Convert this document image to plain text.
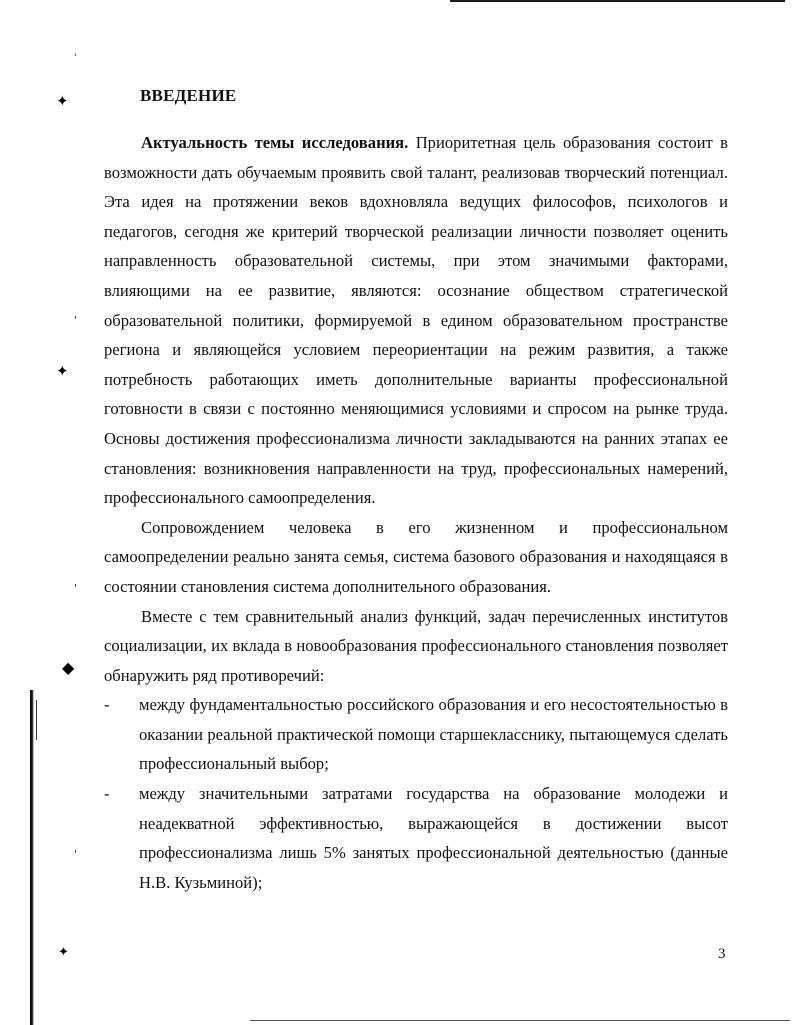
ꞌ
✦
ꞌ
✦
ꞌ
◆
ꞌ
✦
ВВЕДЕНИЕ

Актуальность темы исследования. Приоритетная цель образования состоит в возможности дать обучаемым проявить свой талант, реализовав творческий потенциал. Эта идея на протяжении веков вдохновляла ведущих философов, психологов и педагогов, сегодня же критерий творческой реализации личности позволяет оценить направленность образовательной системы, при этом значимыми факторами, влияющими на ее развитие, являются: осознание обществом стратегической образовательной политики, формируемой в едином образовательном пространстве региона и являющейся условием переориентации на режим развития, а также потребность работающих иметь дополнительные варианты профессиональной готовности в связи с постоянно меняющимися условиями и спросом на рынке труда. Основы достижения профессионализма личности закладываются на ранних этапах ее становления: возникновения направленности на труд, профессиональных намерений, профессионального самоопределения.

Сопровождением человека в его жизненном и профессиональном самоопределении реально занята семья, система базового образования и находящаяся в состоянии становления система дополнительного образования.

Вместе с тем сравнительный анализ функций, задач перечисленных институтов социализации, их вклада в новообразования профессионального становления позволяет обнаружить ряд противоречий:

- между фундаментальностью российского образования и его несостоятельностью в оказании реальной практической помощи старшекласснику, пытающемуся сделать профессиональный выбор;
- между значительными затратами государства на образование молодежи и неадекватной эффективностью, выражающейся в достижении высот профессионализма лишь 5% занятых профессиональной деятельностью (данные Н.В. Кузьминой);
3
